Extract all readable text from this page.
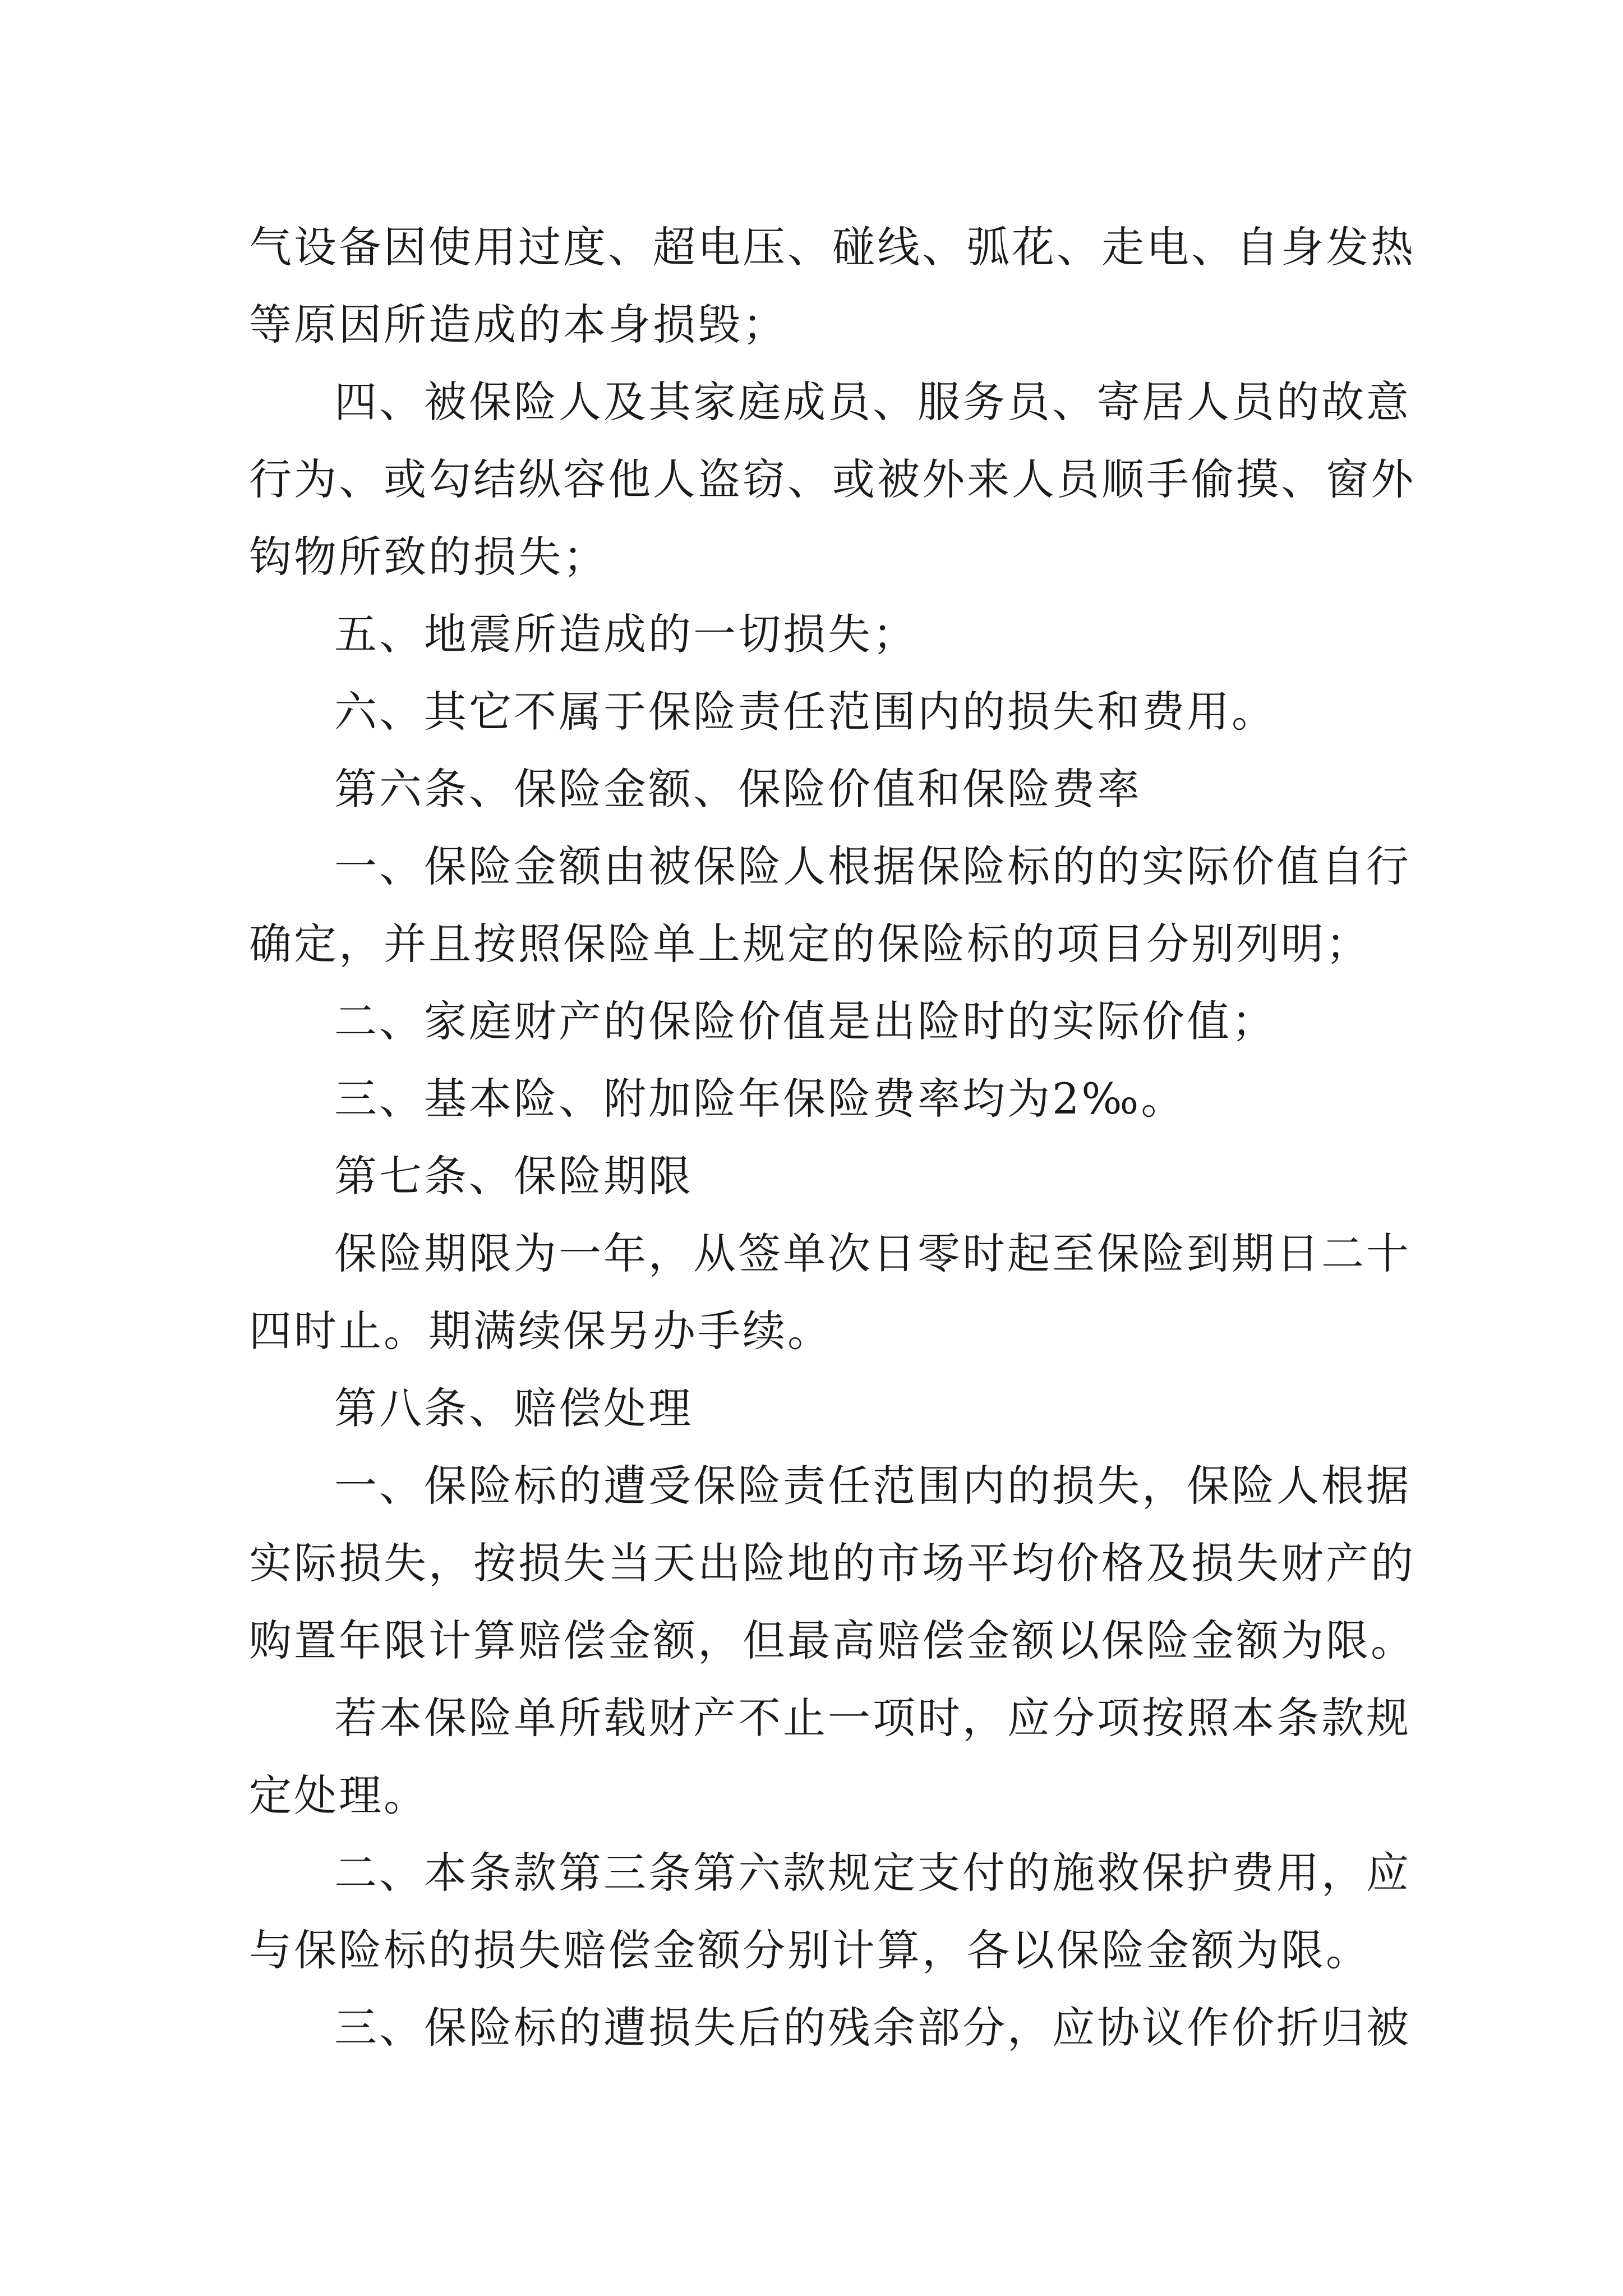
气设备因使用过度、超电压、碰线、弧花、走电、自身发热
等原因所造成的本身损毁；
四、被保险人及其家庭成员、服务员、寄居人员的故意
行为、或勾结纵容他人盗窃、或被外来人员顺手偷摸、窗外
钩物所致的损失；
五、地震所造成的一切损失；
六、其它不属于保险责任范围内的损失和费用。
第六条、保险金额、保险价值和保险费率
一、保险金额由被保险人根据保险标的的实际价值自行
确定，并且按照保险单上规定的保险标的项目分别列明；
二、家庭财产的保险价值是出险时的实际价值；
三、基本险、附加险年保险费率均为2‰。
第七条、保险期限
保险期限为一年，从签单次日零时起至保险到期日二十
四时止。期满续保另办手续。
第八条、赔偿处理
一、保险标的遭受保险责任范围内的损失，保险人根据
实际损失，按损失当天出险地的市场平均价格及损失财产的
购置年限计算赔偿金额，但最高赔偿金额以保险金额为限。
若本保险单所载财产不止一项时，应分项按照本条款规
定处理。
二、本条款第三条第六款规定支付的施救保护费用，应
与保险标的损失赔偿金额分别计算，各以保险金额为限。
三、保险标的遭损失后的残余部分，应协议作价折归被
